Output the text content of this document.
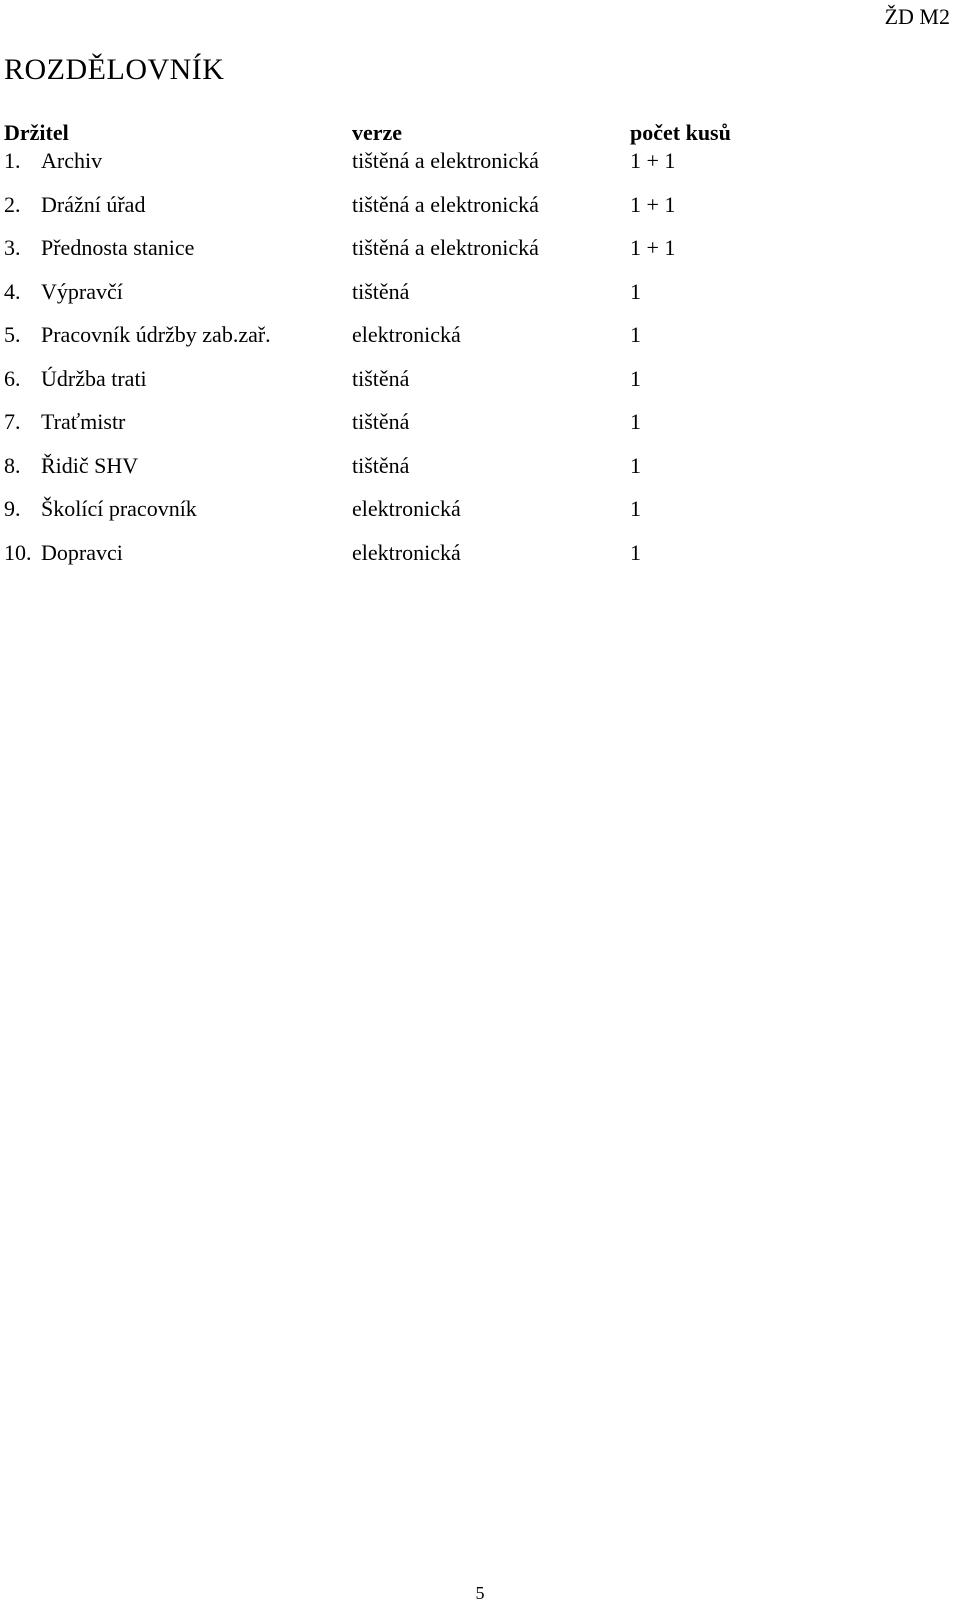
ŽD M2
ROZDĚLOVNÍK
Držitel	verze	počet kusů
1. Archiv	tištěná a elektronická	1 + 1
2. Drážní úřad	tištěná a elektronická	1 + 1
3. Přednosta stanice	tištěná a elektronická	1 + 1
4. Výpravčí	tištěná	1
5. Pracovník údržby zab.zař.	elektronická	1
6. Údržba trati	tištěná	1
7. Traťmistr	tištěná	1
8. Řidič SHV	tištěná	1
9. Školící pracovník	elektronická	1
10. Dopravci	elektronická	1
5
